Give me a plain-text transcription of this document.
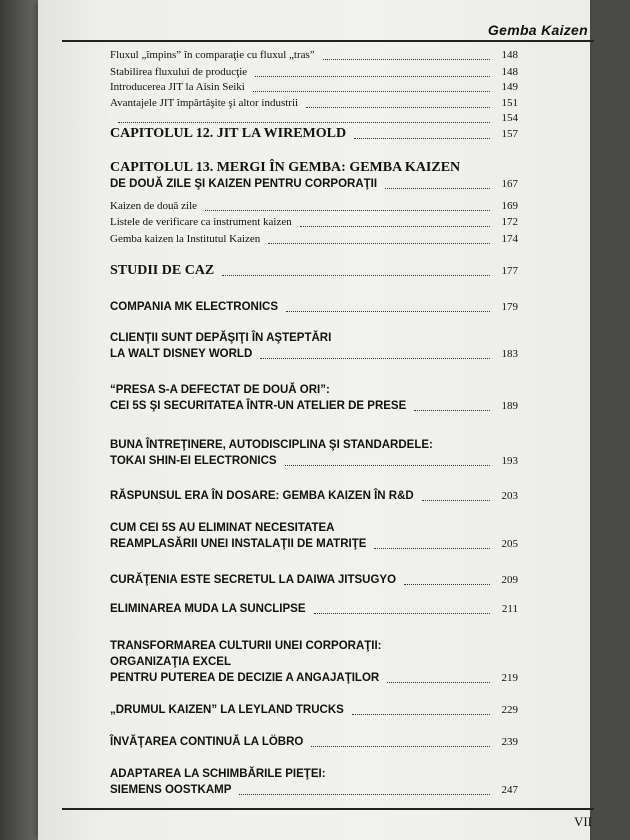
Gemba Kaizen
Fluxul „împins” în comparaţie cu fluxul „tras”	148
Stabilirea fluxului de producţie	148
Introducerea JIT la Aisin Seiki	149
Avantajele JIT împărtăşite şi altor industrii	151
154
CAPITOLUL 12. JIT LA WIREMOLD	157
CAPITOLUL 13. MERGI ÎN GEMBA: GEMBA KAIZEN
DE DOUĂ ZILE ŞI KAIZEN PENTRU CORPORAŢII	167
Kaizen de două zile	169
Listele de verificare ca instrument kaizen	172
Gemba kaizen la Institutul Kaizen	174
STUDII DE CAZ	177
COMPANIA MK ELECTRONICS	179
CLIENŢII SUNT DEPĂŞIŢI ÎN AŞTEPTĂRI
LA WALT DISNEY WORLD	183
“PRESA S-A DEFECTAT DE DOUĂ ORI”:
CEI 5S ŞI SECURITATEA ÎNTR-UN ATELIER DE PRESE	189
BUNA ÎNTREŢINERE, AUTODISCIPLINA ŞI STANDARDELE:
TOKAI SHIN-EI ELECTRONICS	193
RĂSPUNSUL ERA ÎN DOSARE: GEMBA KAIZEN ÎN R&D	203
CUM CEI 5S AU ELIMINAT NECESITATEA
REAMPLASĂRII UNEI INSTALAŢII DE MATRIŢE	205
CURĂŢENIA ESTE SECRETUL LA DAIWA JITSUGYO	209
ELIMINAREA MUDA LA SUNCLIPSE	211
TRANSFORMAREA CULTURII UNEI CORPORAŢII:
ORGANIZAŢIA EXCEL
PENTRU PUTEREA DE DECIZIE A ANGAJAŢILOR	219
„DRUMUL KAIZEN” LA LEYLAND TRUCKS	229
ÎNVĂŢAREA CONTINUĂ LA LÖBRO	239
ADAPTAREA LA SCHIMBĂRILE PIEŢEI:
SIEMENS OOSTKAMP	247
VII
